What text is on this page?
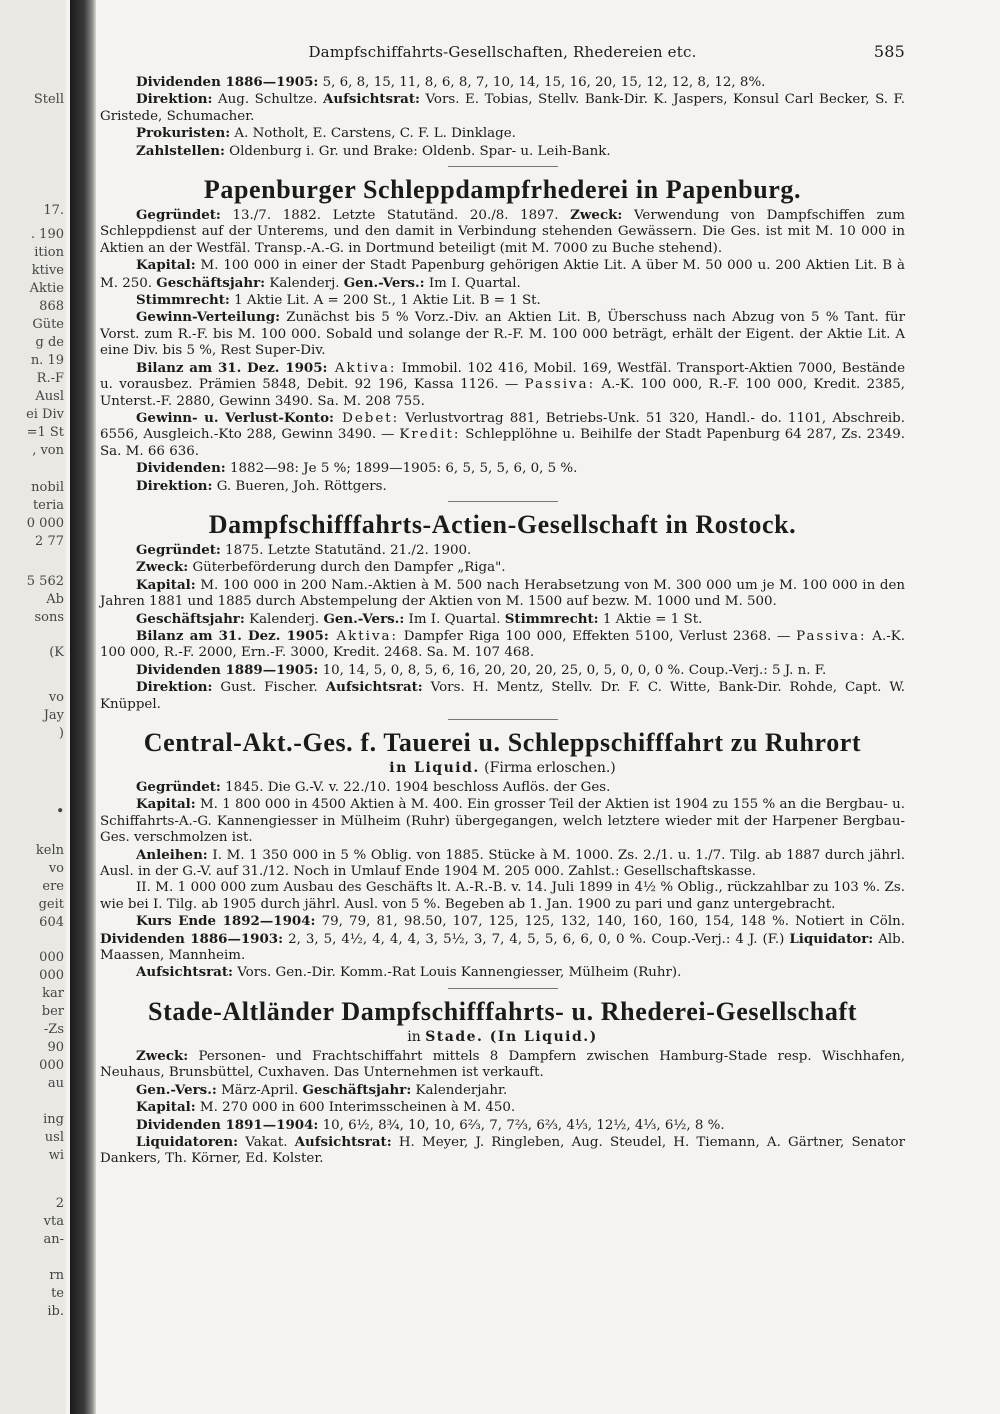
Stell
17.
. 190
ition
ktive
Aktie
868
Güte
g de
n. 19
R.-F
Ausl
ei Div
=1 St
, von
nobil
teria
0 000
2 77
5 562
Ab
sons
(K
vo
Jay
)
.
keln
vo
ere
geit
604
000
000
kar
ber
-Zs
90
000
au
ing
usl
wi
2
vta
an-
rn
te
ib.
Dampfschiffahrts-Gesellschaften, Rhedereien etc.	585

Dividenden 1886—1905: 5, 6, 8, 15, 11, 8, 6, 8, 7, 10, 14, 15, 16, 20, 15, 12, 12, 8, 12, 8%.

Direktion: Aug. Schultze. Aufsichtsrat: Vors. E. Tobias, Stellv. Bank-Dir. K. Jaspers, Konsul Carl Becker, S. F. Gristede, Schumacher.

Prokuristen: A. Notholt, E. Carstens, C. F. L. Dinklage.

Zahlstellen: Oldenburg i. Gr. und Brake: Oldenb. Spar- u. Leih-Bank.

Papenburger Schleppdampfrhederei in Papenburg.

Gegründet: 13./7. 1882. Letzte Statutänd. 20./8. 1897. Zweck: Verwendung von Dampfschiffen zum Schleppdienst auf der Unterems, und den damit in Verbindung stehenden Gewässern. Die Ges. ist mit M. 10 000 in Aktien an der Westfäl. Transp.-A.-G. in Dortmund beteiligt (mit M. 7000 zu Buche stehend).

Kapital: M. 100 000 in einer der Stadt Papenburg gehörigen Aktie Lit. A über M. 50 000 u. 200 Aktien Lit. B à M. 250. Geschäftsjahr: Kalenderj. Gen.-Vers.: Im I. Quartal.

Stimmrecht: 1 Aktie Lit. A = 200 St., 1 Aktie Lit. B = 1 St.

Gewinn-Verteilung: Zunächst bis 5 % Vorz.-Div. an Aktien Lit. B, Überschuss nach Abzug von 5 % Tant. für Vorst. zum R.-F. bis M. 100 000. Sobald und solange der R.-F. M. 100 000 beträgt, erhält der Eigent. der Aktie Lit. A eine Div. bis 5 %, Rest Super-Div.

Bilanz am 31. Dez. 1905: Aktiva: Immobil. 102 416, Mobil. 169, Westfäl. Transport-Aktien 7000, Bestände u. vorausbez. Prämien 5848, Debit. 92 196, Kassa 1126. — Passiva: A.-K. 100 000, R.-F. 100 000, Kredit. 2385, Unterst.-F. 2880, Gewinn 3490. Sa. M. 208 755.

Gewinn- u. Verlust-Konto: Debet: Verlustvortrag 881, Betriebs-Unk. 51 320, Handl.- do. 1101, Abschreib. 6556, Ausgleich.-Kto 288, Gewinn 3490. — Kredit: Schlepplöhne u. Beihilfe der Stadt Papenburg 64 287, Zs. 2349. Sa. M. 66 636.

Dividenden: 1882—98: Je 5 %; 1899—1905: 6, 5, 5, 5, 6, 0, 5 %.

Direktion: G. Bueren, Joh. Röttgers.

Dampfschifffahrts-Actien-Gesellschaft in Rostock.

Gegründet: 1875. Letzte Statutänd. 21./2. 1900.

Zweck: Güterbeförderung durch den Dampfer „Riga".

Kapital: M. 100 000 in 200 Nam.-Aktien à M. 500 nach Herabsetzung von M. 300 000 um je M. 100 000 in den Jahren 1881 und 1885 durch Abstempelung der Aktien von M. 1500 auf bezw. M. 1000 und M. 500.

Geschäftsjahr: Kalenderj. Gen.-Vers.: Im I. Quartal. Stimmrecht: 1 Aktie = 1 St.

Bilanz am 31. Dez. 1905: Aktiva: Dampfer Riga 100 000, Effekten 5100, Verlust 2368. — Passiva: A.-K. 100 000, R.-F. 2000, Ern.-F. 3000, Kredit. 2468. Sa. M. 107 468.

Dividenden 1889—1905: 10, 14, 5, 0, 8, 5, 6, 16, 20, 20, 20, 25, 0, 5, 0, 0, 0 %. Coup.-Verj.: 5 J. n. F.

Direktion: Gust. Fischer. Aufsichtsrat: Vors. H. Mentz, Stellv. Dr. F. C. Witte, Bank-Dir. Rohde, Capt. W. Knüppel.

Central-Akt.-Ges. f. Tauerei u. Schleppschifffahrt zu Ruhrort
in Liquid. (Firma erloschen.)

Gegründet: 1845. Die G.-V. v. 22./10. 1904 beschloss Auflös. der Ges.

Kapital: M. 1 800 000 in 4500 Aktien à M. 400. Ein grosser Teil der Aktien ist 1904 zu 155 % an die Bergbau- u. Schiffahrts-A.-G. Kannengiesser in Mülheim (Ruhr) übergegangen, welch letztere wieder mit der Harpener Bergbau-Ges. verschmolzen ist.

Anleihen: I. M. 1 350 000 in 5 % Oblig. von 1885. Stücke à M. 1000. Zs. 2./1. u. 1./7. Tilg. ab 1887 durch jährl. Ausl. in der G.-V. auf 31./12. Noch in Umlauf Ende 1904 M. 205 000. Zahlst.: Gesellschaftskasse.

II. M. 1 000 000 zum Ausbau des Geschäfts lt. A.-R.-B. v. 14. Juli 1899 in 4½ % Oblig., rückzahlbar zu 103 %. Zs. wie bei I. Tilg. ab 1905 durch jährl. Ausl. von 5 %. Begeben ab 1. Jan. 1900 zu pari und ganz untergebracht.

Kurs Ende 1892—1904: 79, 79, 81, 98.50, 107, 125, 125, 132, 140, 160, 160, 154, 148 %. Notiert in Cöln. Dividenden 1886—1903: 2, 3, 5, 4½, 4, 4, 4, 3, 5½, 3, 7, 4, 5, 5, 6, 6, 0, 0 %. Coup.-Verj.: 4 J. (F.) Liquidator: Alb. Maassen, Mannheim.

Aufsichtsrat: Vors. Gen.-Dir. Komm.-Rat Louis Kannengiesser, Mülheim (Ruhr).

Stade-Altländer Dampfschifffahrts- u. Rhederei-Gesellschaft
in Stade. (In Liquid.)

Zweck: Personen- und Frachtschiffahrt mittels 8 Dampfern zwischen Hamburg-Stade resp. Wischhafen, Neuhaus, Brunsbüttel, Cuxhaven. Das Unternehmen ist verkauft.

Gen.-Vers.: März-April. Geschäftsjahr: Kalenderjahr.

Kapital: M. 270 000 in 600 Interimsscheinen à M. 450.

Dividenden 1891—1904: 10, 6½, 8¾, 10, 10, 6⅔, 7, 7⅔, 6⅔, 4⅓, 12½, 4⅓, 6½, 8 %.

Liquidatoren: Vakat. Aufsichtsrat: H. Meyer, J. Ringleben, Aug. Steudel, H. Tiemann, A. Gärtner, Senator Dankers, Th. Körner, Ed. Kolster.
